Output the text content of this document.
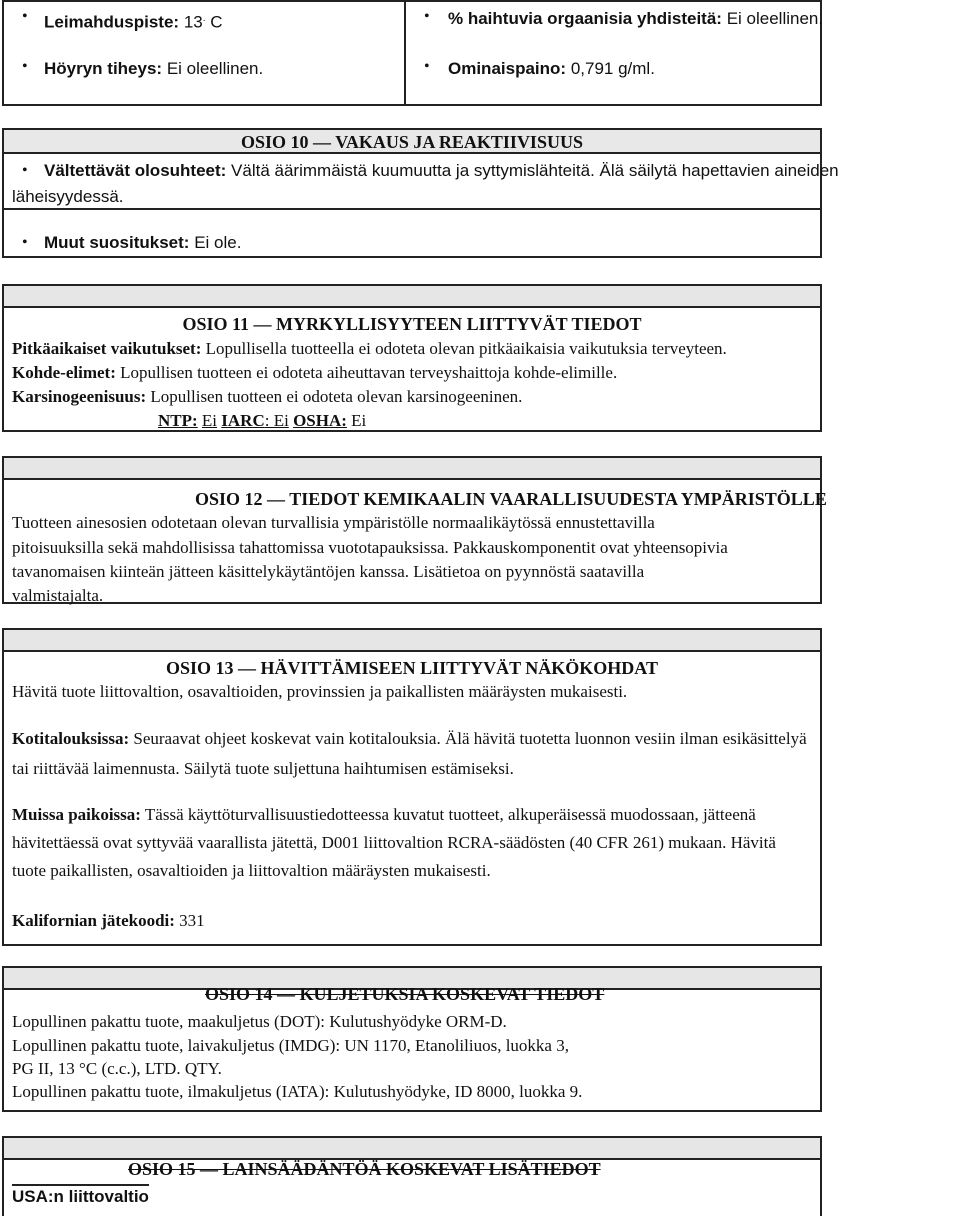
• Leimahduspiste: 13. C	• % haihtuvia orgaanisia yhdisteitä: Ei oleellinen.
• Höyryn tiheys: Ei oleellinen.	• Ominaispaino: 0,791 g/ml.
OSIO 10 — VAKAUS JA REAKTIIVISUUS
• Vältettävät olosuhteet: Vältä äärimmäistä kuumuutta ja syttymislähteitä. Älä säilytä hapettavien aineiden
läheisyydessä.
• Muut suositukset: Ei ole.
OSIO 11 — MYRKYLLISYYTEEN LIITTYVÄT TIEDOT
Pitkäaikaiset vaikutukset: Lopullisella tuotteella ei odoteta olevan pitkäaikaisia vaikutuksia terveyteen.
Kohde-elimet: Lopullisen tuotteen ei odoteta aiheuttavan terveyshaittoja kohde-elimille.
Karsinogeenisuus: Lopullisen tuotteen ei odoteta olevan karsinogeeninen.
NTP: Ei IARC: Ei OSHA: Ei
OSIO 12 — TIEDOT KEMIKAALIN VAARALLISUUDESTA YMPÄRISTÖLLE
Tuotteen ainesosien odotetaan olevan turvallisia ympäristölle normaalikäytössä ennustettavilla
pitoisuuksilla sekä mahdollisissa tahattomissa vuototapauksissa. Pakkauskomponentit ovat yhteensopivia
tavanomaisen kiinteän jätteen käsittelykäytäntöjen kanssa. Lisätietoa on pyynnöstä saatavilla
valmistajalta.
OSIO 13 — HÄVITTÄMISEEN LIITTYVÄT NÄKÖKOHDAT
Hävitä tuote liittovaltion, osavaltioiden, provinssien ja paikallisten määräysten mukaisesti.
Kotitalouksissa: Seuraavat ohjeet koskevat vain kotitalouksia. Älä hävitä tuotetta luonnon vesiin ilman esikäsittelyä
tai riittävää laimennusta. Säilytä tuote suljettuna haihtumisen estämiseksi.
Muissa paikoissa: Tässä käyttöturvallisuustiedotteessa kuvatut tuotteet, alkuperäisessä muodossaan, jätteenä
hävitettäessä ovat syttyvää vaarallista jätettä, D001 liittovaltion RCRA-säädösten (40 CFR 261) mukaan. Hävitä
tuote paikallisten, osavaltioiden ja liittovaltion määräysten mukaisesti.
Kalifornian jätekoodi: 331
OSIO 14 — KULJETUKSIA KOSKEVAT TIEDOT
Lopullinen pakattu tuote, maakuljetus (DOT): Kulutushyödyke ORM-D.
Lopullinen pakattu tuote, laivakuljetus (IMDG): UN 1170, Etanoliliuos, luokka 3,
PG II, 13 °C (c.c.), LTD. QTY.
Lopullinen pakattu tuote, ilmakuljetus (IATA): Kulutushyödyke, ID 8000, luokka 9.
OSIO 15 — LAINSÄÄDÄNTÖÄ KOSKEVAT LISÄTIEDOT
USA:n liittovaltio
